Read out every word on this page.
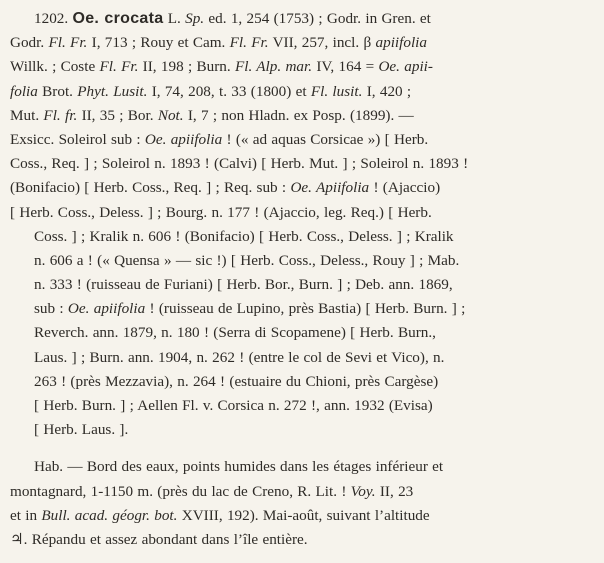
1202. Oe. crocata L. Sp. ed. 1, 254 (1753) ; Godr. in Gren. et
Godr. Fl. Fr. I, 713 ; Rouy et Cam. Fl. Fr. VII, 257, incl. β apiifolia
Willk. ; Coste Fl. Fr. II, 198 ; Burn. Fl. Alp. mar. IV, 164 = Oe. apii-
folia Brot. Phyt. Lusit. I, 74, 208, t. 33 (1800) et Fl. lusit. I, 420 ;
Mut. Fl. fr. II, 35 ; Bor. Not. I, 7 ; non Hladn. ex Posp. (1899). —
Exsicc. Soleirol sub : Oe. apiifolia ! (« ad aquas Corsicae ») [ Herb.
Coss., Req. ] ; Soleirol n. 1893 ! (Calvi) [ Herb. Mut. ] ; Soleirol n. 1893 !
(Bonifacio) [ Herb. Coss., Req. ] ; Req. sub : Oe. Apiifolia ! (Ajaccio)
[ Herb. Coss., Deless. ] ; Bourg. n. 177 ! (Ajaccio, leg. Req.) [ Herb.
Coss. ] ; Kralik n. 606 ! (Bonifacio) [ Herb. Coss., Deless. ] ; Kralik
n. 606 a ! (« Quensa » — sic !) [ Herb. Coss., Deless., Rouy ] ; Mab.
n. 333 ! (ruisseau de Furiani) [ Herb. Bor., Burn. ] ; Deb. ann. 1869,
sub : Oe. apiifolia ! (ruisseau de Lupino, près Bastia) [ Herb. Burn. ] ;
Reverch. ann. 1879, n. 180 ! (Serra di Scopamene) [ Herb. Burn.,
Laus. ] ; Burn. ann. 1904, n. 262 ! (entre le col de Sevi et Vico), n.
263 ! (près Mezzavia), n. 264 ! (estuaire du Chioni, près Cargèse)
[ Herb. Burn. ] ; Aellen Fl. v. Corsica n. 272 !, ann. 1932 (Evisa)
[ Herb. Laus. ].
Hab. — Bord des eaux, points humides dans les étages inférieur et
montagnard, 1-1150 m. (près du lac de Creno, R. Lit. ! Voy. II, 23
et in Bull. acad. géogr. bot. XVIII, 192). Mai-août, suivant l’altitude
♃. Répandu et assez abondant dans l’île entière.
